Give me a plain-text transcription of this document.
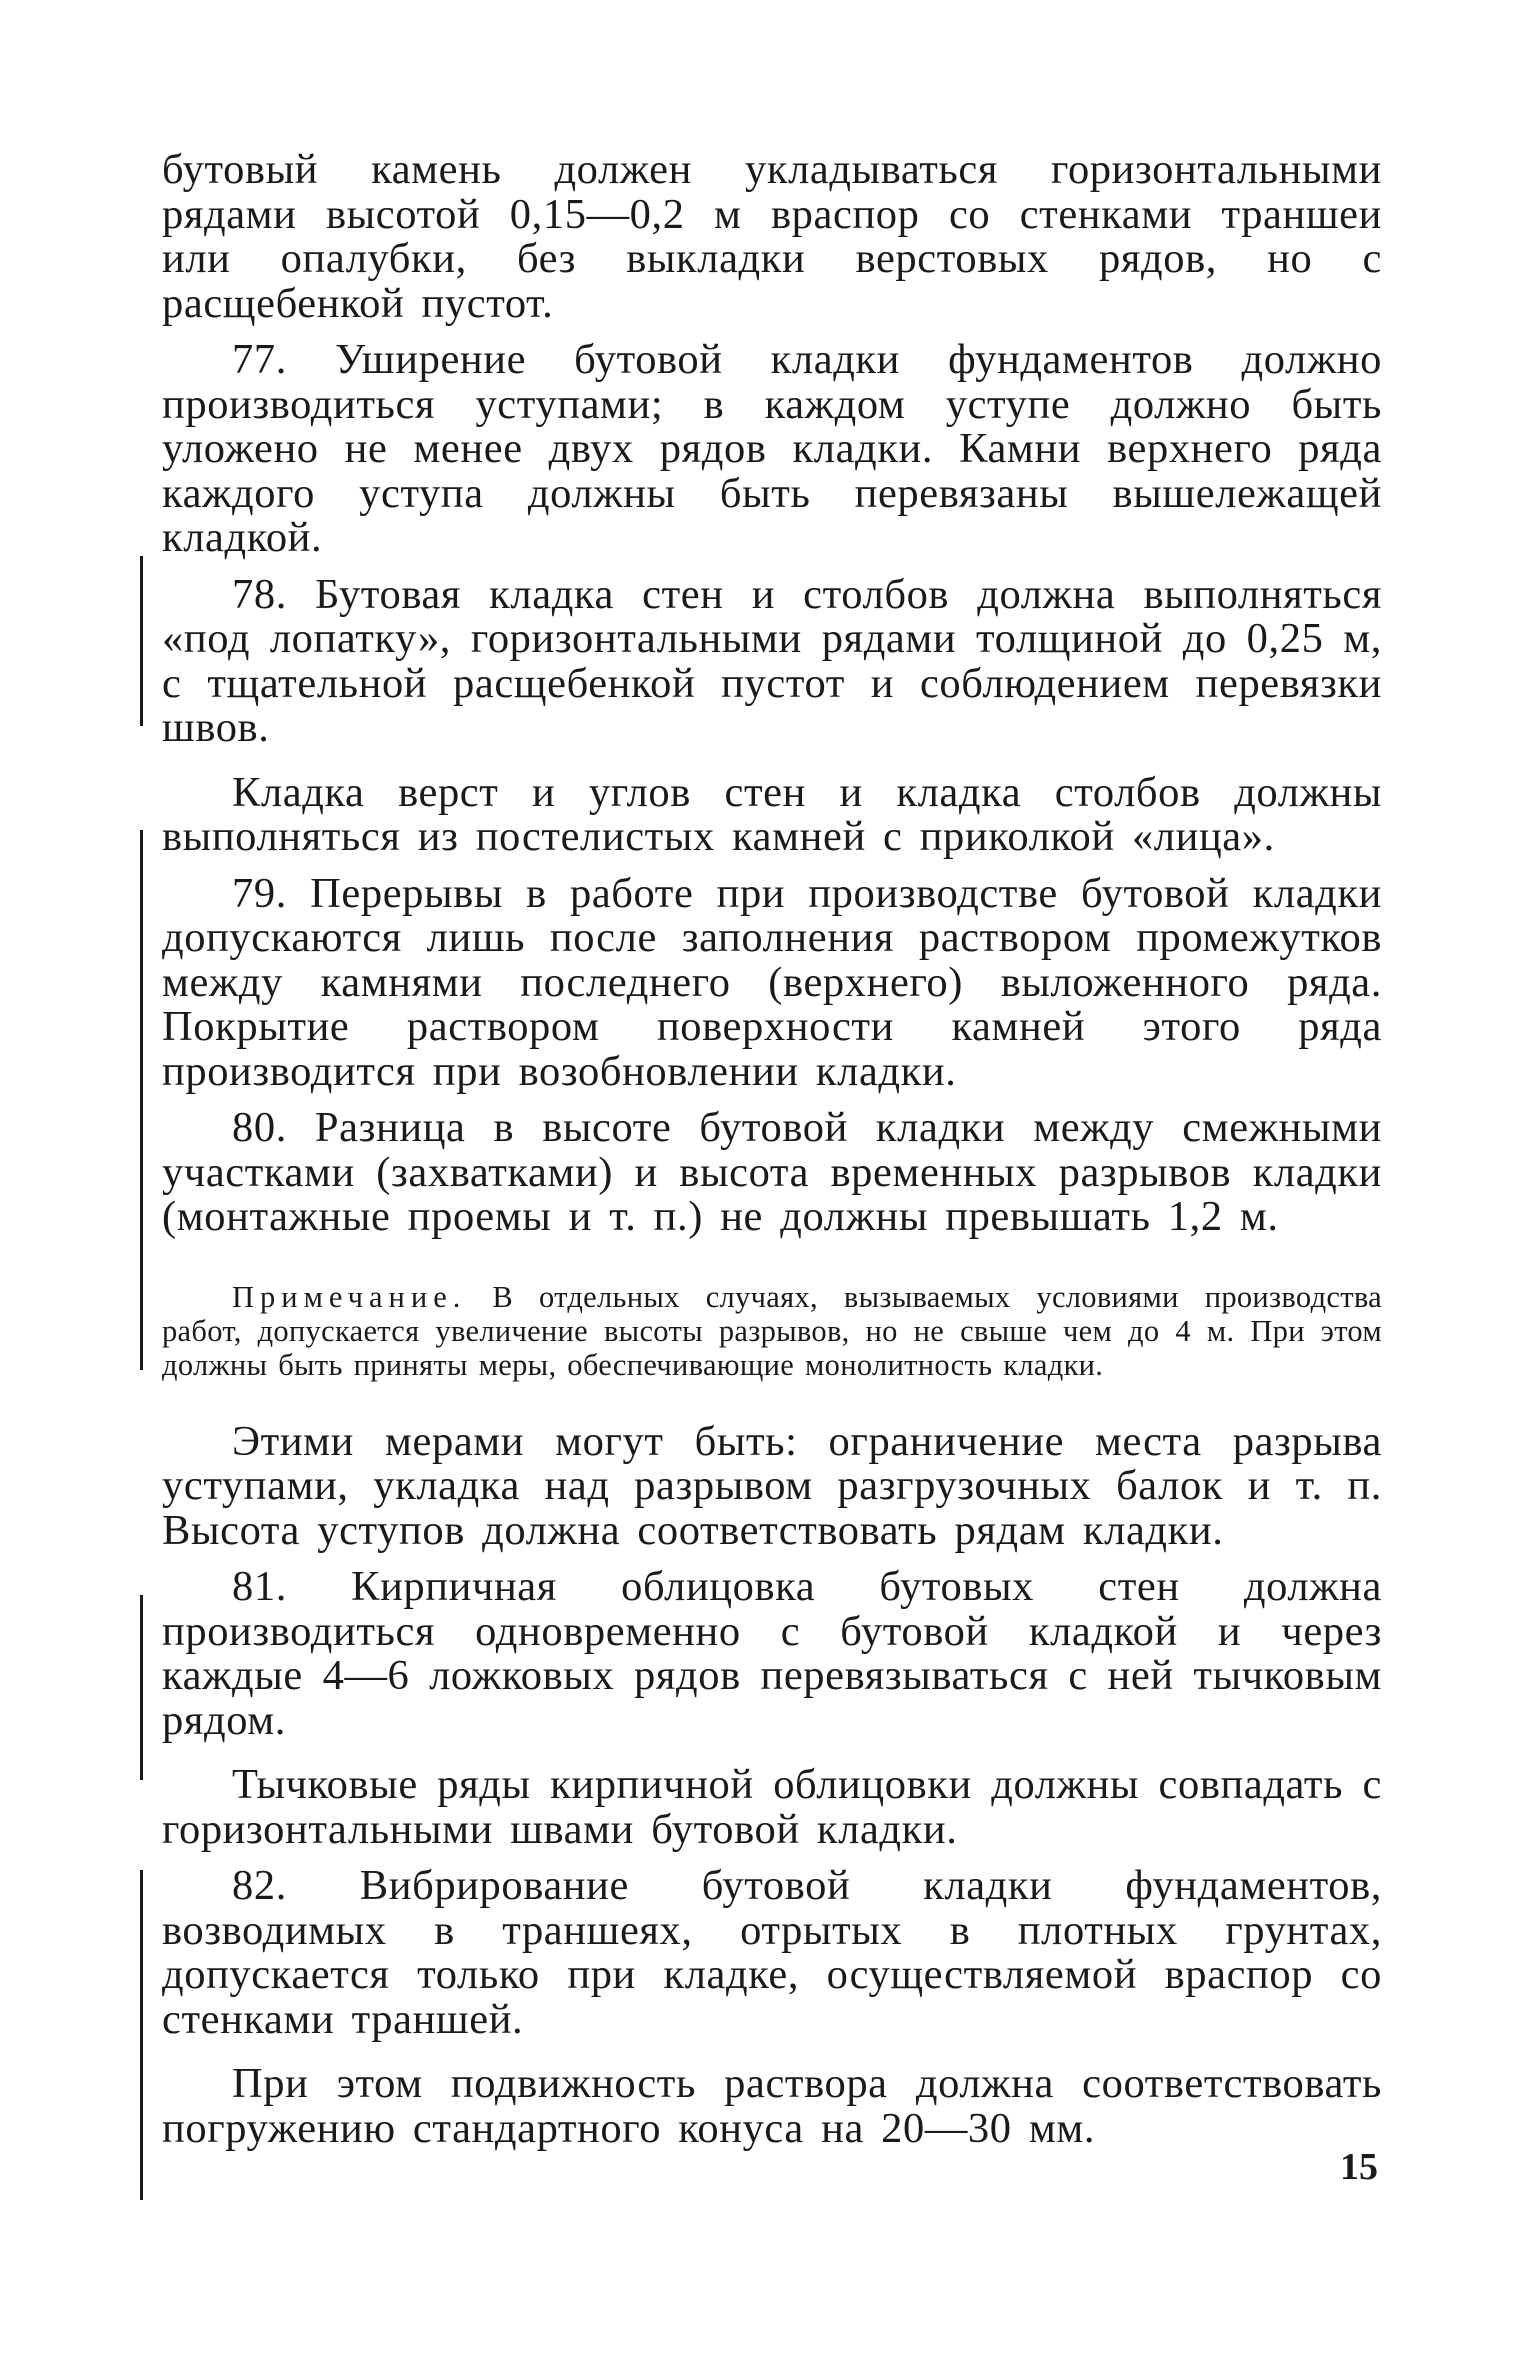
бутовый камень должен укладываться горизонтальными рядами высотой 0,15—0,2 м враспор со стенками траншеи или опалубки, без выкладки верстовых рядов, но с расщебенкой пустот.

77. Уширение бутовой кладки фундаментов должно производиться уступами; в каждом уступе должно быть уложено не менее двух рядов кладки. Камни верхнего ряда каждого уступа должны быть перевязаны вышележащей кладкой.

78. Бутовая кладка стен и столбов должна выполняться «под лопатку», горизонтальными рядами толщиной до 0,25 м, с тщательной расщебенкой пустот и соблюдением перевязки швов.

Кладка верст и углов стен и кладка столбов должны выполняться из постелистых камней с приколкой «лица».

79. Перерывы в работе при производстве бутовой кладки допускаются лишь после заполнения раствором промежутков между камнями последнего (верхнего) выложенного ряда. Покрытие раствором поверхности камней этого ряда производится при возобновлении кладки.

80. Разница в высоте бутовой кладки между смежными участками (захватками) и высота временных разрывов кладки (монтажные проемы и т. п.) не должны превышать 1,2 м.

Примечание. В отдельных случаях, вызываемых условиями производства работ, допускается увеличение высоты разрывов, но не свыше чем до 4 м. При этом должны быть приняты меры, обеспечивающие монолитность кладки.

Этими мерами могут быть: ограничение места разрыва уступами, укладка над разрывом разгрузочных балок и т. п. Высота уступов должна соответствовать рядам кладки.

81. Кирпичная облицовка бутовых стен должна производиться одновременно с бутовой кладкой и через каждые 4—6 ложковых рядов перевязываться с ней тычковым рядом.

Тычковые ряды кирпичной облицовки должны совпадать с горизонтальными швами бутовой кладки.

82. Вибрирование бутовой кладки фундаментов, возводимых в траншеях, отрытых в плотных грунтах, допускается только при кладке, осуществляемой враспор со стенками траншей.

При этом подвижность раствора должна соответствовать погружению стандартного конуса на 20—30 мм.

15
